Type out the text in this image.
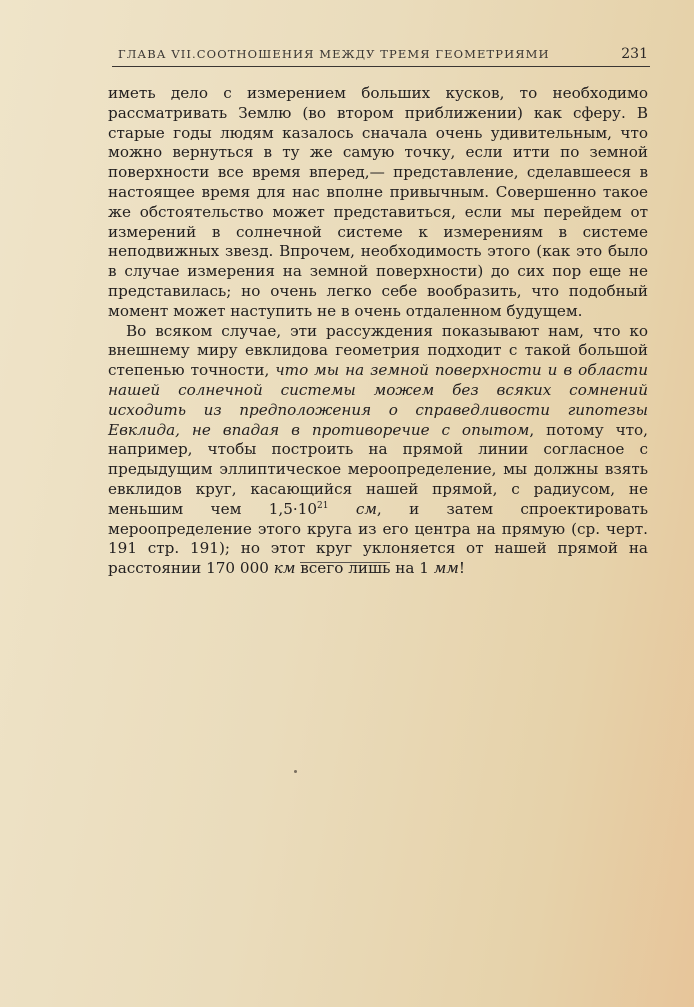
ГЛАВА VII.СООТНОШЕНИЯ МЕЖДУ ТРЕМЯ ГЕОМЕТРИЯМИ	231

иметь дело с измерением больших кусков, то необходимо рассматривать Землю (во втором приближении) как сферу. В старые годы людям казалось сначала очень удивительным, что можно вернуться в ту же самую точку, если итти по земной поверхности все время вперед,— представление, сделавшееся в настоящее время для нас вполне привычным. Совершенно такое же обстоятельство может представиться, если мы перейдем от измерений в солнечной системе к измерениям в системе неподвижных звезд. Впрочем, необходимость этого (как это было в случае измерения на земной поверхности) до сих пор еще не представилась; но очень легко себе вообразить, что подобный момент может наступить не в очень отдаленном будущем.

Во всяком случае, эти рассуждения показывают нам, что ко внешнему миру евклидова геометрия подходит с такой большой степенью точности, что мы на земной поверхности и в области нашей солнечной системы можем без всяких сомнений исходить из предположения о справедливости гипотезы Евклида, не впадая в противоречие с опытом, потому что, например, чтобы построить на прямой линии согласное с предыдущим эллиптическое мероопределение, мы должны взять евклидов круг, касающийся нашей прямой, с радиусом, не меньшим чем $1,5\cdot 10^{21}$ см, и затем спроектировать мероопределение этого круга из его центра на прямую (ср. черт. 191 стр. 191); но этот круг уклоняется от нашей прямой на расстоянии 170 000 км всего лишь на 1 мм!
